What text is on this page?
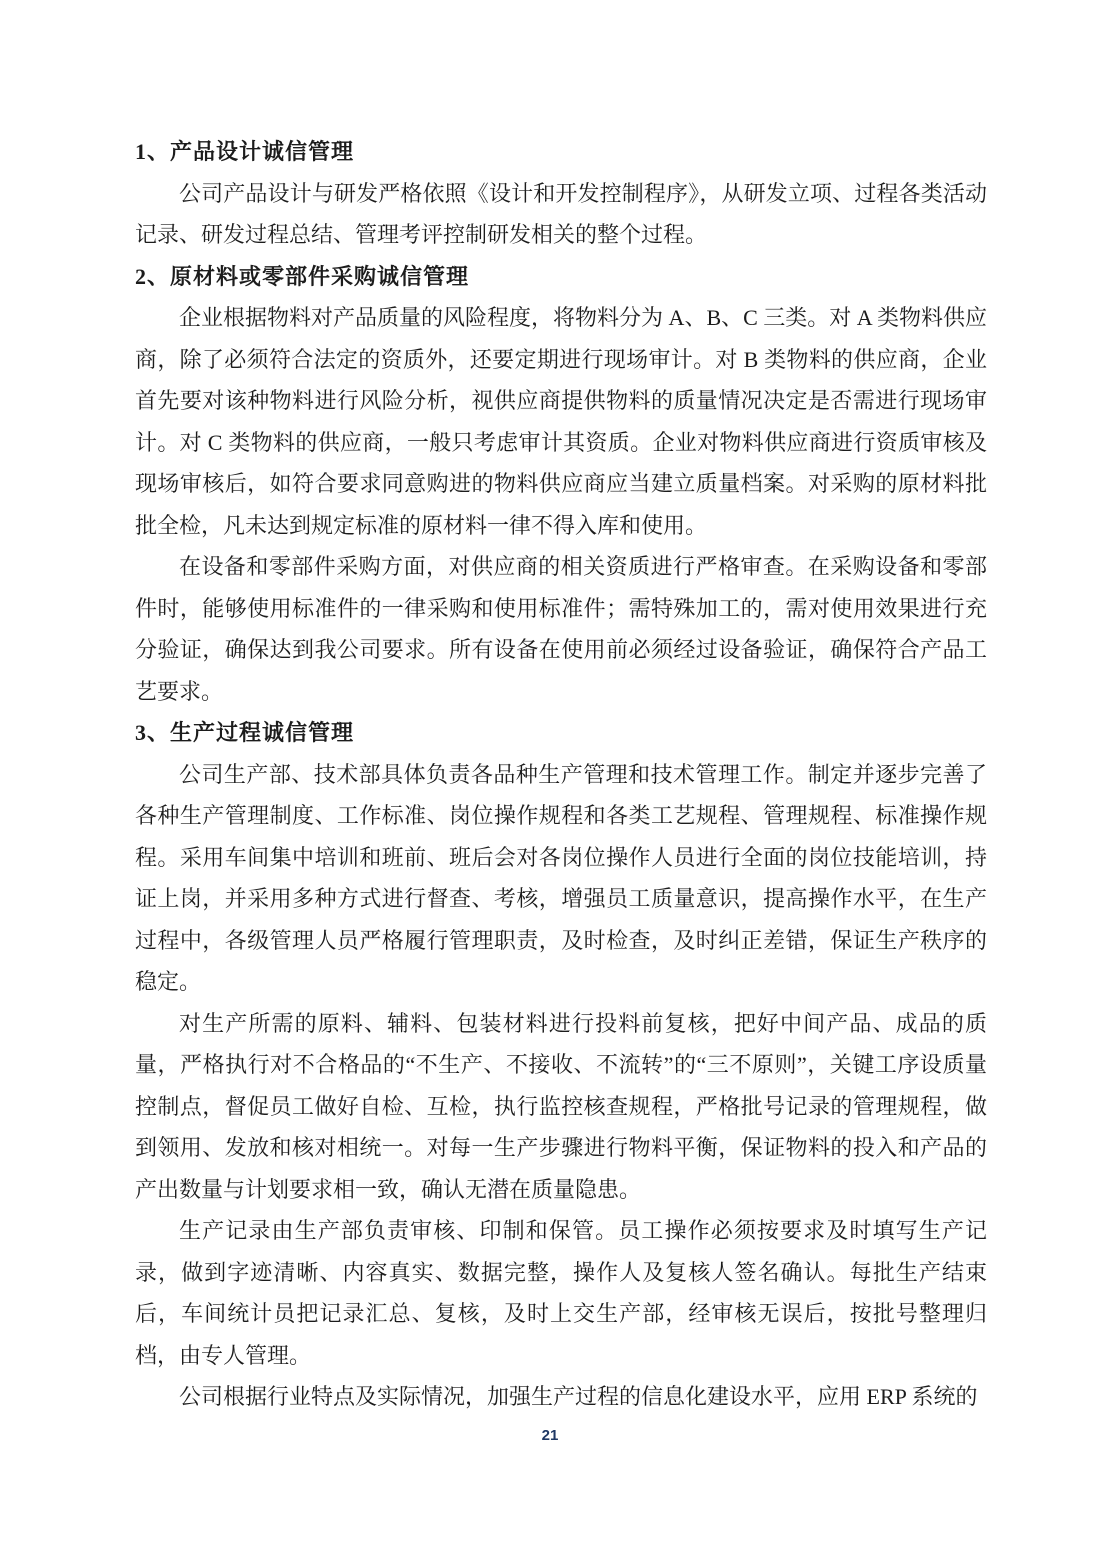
1、产品设计诚信管理

公司产品设计与研发严格依照《设计和开发控制程序》，从研发立项、过程各类活动记录、研发过程总结、管理考评控制研发相关的整个过程。

2、原材料或零部件采购诚信管理

企业根据物料对产品质量的风险程度，将物料分为 A、B、C 三类。对 A 类物料供应商，除了必须符合法定的资质外，还要定期进行现场审计。对 B 类物料的供应商，企业首先要对该种物料进行风险分析，视供应商提供物料的质量情况决定是否需进行现场审计。对 C 类物料的供应商，一般只考虑审计其资质。企业对物料供应商进行资质审核及现场审核后，如符合要求同意购进的物料供应商应当建立质量档案。对采购的原材料批批全检，凡未达到规定标准的原材料一律不得入库和使用。

在设备和零部件采购方面，对供应商的相关资质进行严格审查。在采购设备和零部件时，能够使用标准件的一律采购和使用标准件；需特殊加工的，需对使用效果进行充分验证，确保达到我公司要求。所有设备在使用前必须经过设备验证，确保符合产品工艺要求。

3、生产过程诚信管理

公司生产部、技术部具体负责各品种生产管理和技术管理工作。制定并逐步完善了各种生产管理制度、工作标准、岗位操作规程和各类工艺规程、管理规程、标准操作规程。采用车间集中培训和班前、班后会对各岗位操作人员进行全面的岗位技能培训，持证上岗，并采用多种方式进行督查、考核，增强员工质量意识，提高操作水平，在生产过程中，各级管理人员严格履行管理职责，及时检查，及时纠正差错，保证生产秩序的稳定。

对生产所需的原料、辅料、包装材料进行投料前复核，把好中间产品、成品的质量，严格执行对不合格品的“不生产、不接收、不流转”的“三不原则”，关键工序设质量控制点，督促员工做好自检、互检，执行监控核查规程，严格批号记录的管理规程，做到领用、发放和核对相统一。对每一生产步骤进行物料平衡，保证物料的投入和产品的产出数量与计划要求相一致，确认无潜在质量隐患。

生产记录由生产部负责审核、印制和保管。员工操作必须按要求及时填写生产记录，做到字迹清晰、内容真实、数据完整，操作人及复核人签名确认。每批生产结束后，车间统计员把记录汇总、复核，及时上交生产部，经审核无误后，按批号整理归档，由专人管理。

公司根据行业特点及实际情况，加强生产过程的信息化建设水平，应用 ERP 系统的

21
